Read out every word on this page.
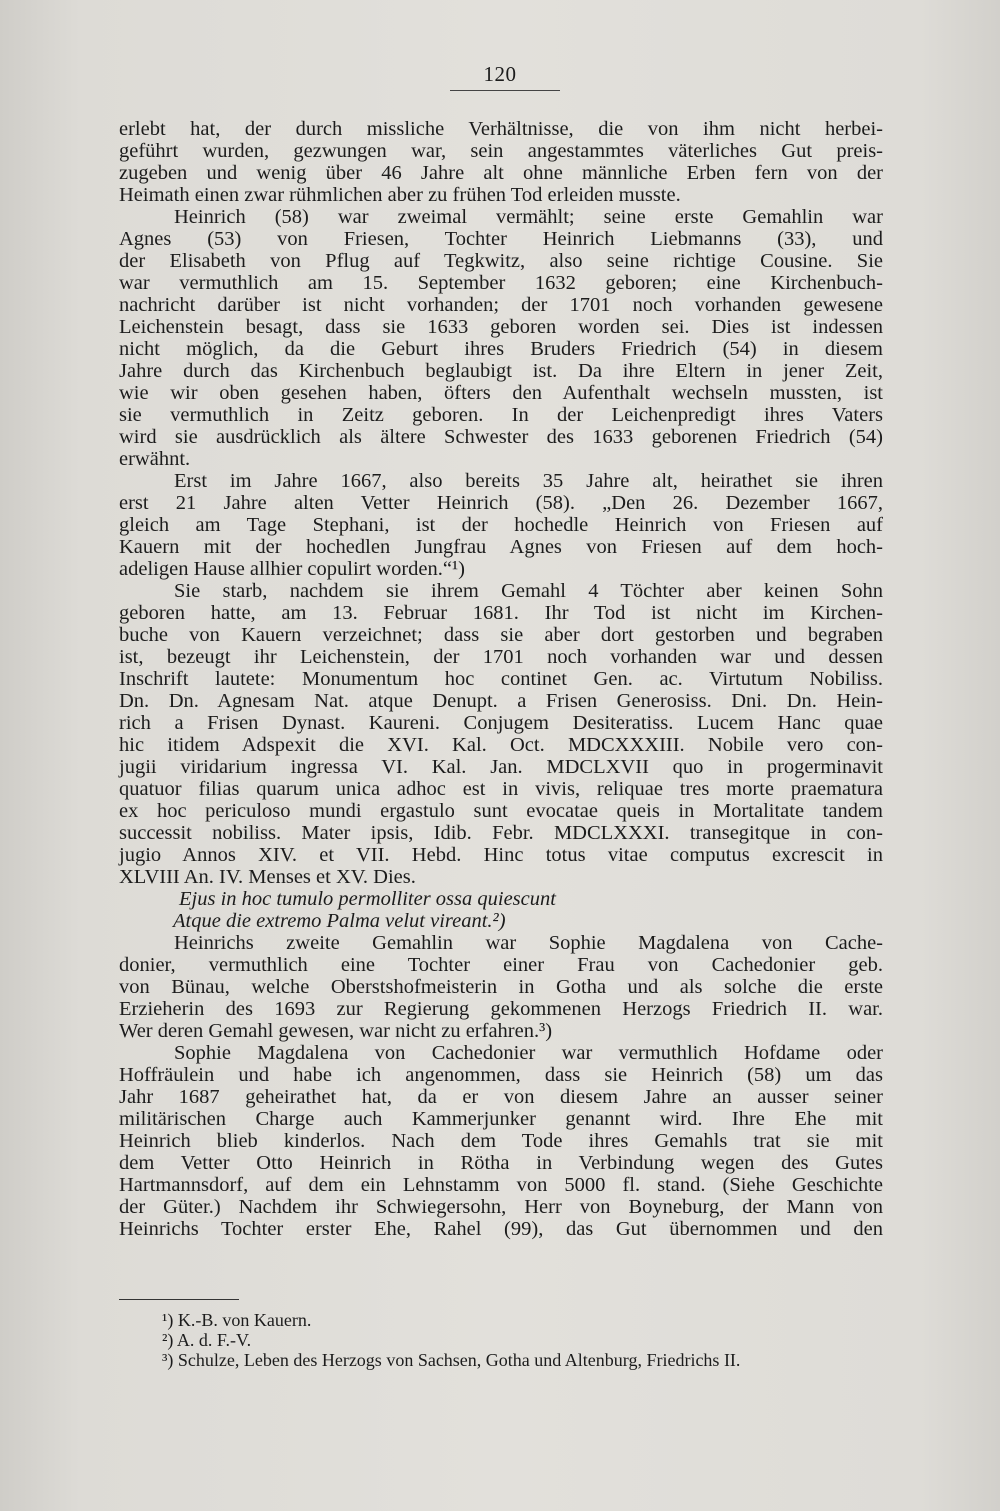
120
erlebt hat, der durch missliche Verhältnisse, die von ihm nicht herbei-
geführt wurden, gezwungen war, sein angestammtes väterliches Gut preis-
zugeben und wenig über 46 Jahre alt ohne männliche Erben fern von der
Heimath einen zwar rühmlichen aber zu frühen Tod erleiden musste.
Heinrich (58) war zweimal vermählt; seine erste Gemahlin war
Agnes (53) von Friesen, Tochter Heinrich Liebmanns (33), und
der Elisabeth von Pflug auf Tegkwitz, also seine richtige Cousine. Sie
war vermuthlich am 15. September 1632 geboren; eine Kirchenbuch-
nachricht darüber ist nicht vorhanden; der 1701 noch vorhanden gewesene
Leichenstein besagt, dass sie 1633 geboren worden sei. Dies ist indessen
nicht möglich, da die Geburt ihres Bruders Friedrich (54) in diesem
Jahre durch das Kirchenbuch beglaubigt ist. Da ihre Eltern in jener Zeit,
wie wir oben gesehen haben, öfters den Aufenthalt wechseln mussten, ist
sie vermuthlich in Zeitz geboren. In der Leichenpredigt ihres Vaters
wird sie ausdrücklich als ältere Schwester des 1633 geborenen Friedrich (54)
erwähnt.
Erst im Jahre 1667, also bereits 35 Jahre alt, heirathet sie ihren
erst 21 Jahre alten Vetter Heinrich (58). „Den 26. Dezember 1667,
gleich am Tage Stephani, ist der hochedle Heinrich von Friesen auf
Kauern mit der hochedlen Jungfrau Agnes von Friesen auf dem hoch-
adeligen Hause allhier copulirt worden.“¹)
Sie starb, nachdem sie ihrem Gemahl 4 Töchter aber keinen Sohn
geboren hatte, am 13. Februar 1681. Ihr Tod ist nicht im Kirchen-
buche von Kauern verzeichnet; dass sie aber dort gestorben und begraben
ist, bezeugt ihr Leichenstein, der 1701 noch vorhanden war und dessen
Inschrift lautete: Monumentum hoc continet Gen. ac. Virtutum Nobiliss.
Dn. Dn. Agnesam Nat. atque Denupt. a Frisen Generosiss. Dni. Dn. Hein-
rich a Frisen Dynast. Kaureni. Conjugem Desiteratiss. Lucem Hanc quae
hic itidem Adspexit die XVI. Kal. Oct. MDCXXXIII. Nobile vero con-
jugii viridarium ingressa VI. Kal. Jan. MDCLXVII quo in progerminavit
quatuor filias quarum unica adhoc est in vivis, reliquae tres morte praematura
ex hoc periculoso mundi ergastulo sunt evocatae queis in Mortalitate tandem
successit nobiliss. Mater ipsis, Idib. Febr. MDCLXXXI. transegitque in con-
jugio Annos XIV. et VII. Hebd. Hinc totus vitae computus excrescit in
XLVIII An. IV. Menses et XV. Dies.
Ejus in hoc tumulo permolliter ossa quiescunt
Atque die extremo Palma velut vireant.²)
Heinrichs zweite Gemahlin war Sophie Magdalena von Cache-
donier, vermuthlich eine Tochter einer Frau von Cachedonier geb.
von Bünau, welche Oberstshofmeisterin in Gotha und als solche die erste
Erzieherin des 1693 zur Regierung gekommenen Herzogs Friedrich II. war.
Wer deren Gemahl gewesen, war nicht zu erfahren.³)
Sophie Magdalena von Cachedonier war vermuthlich Hofdame oder
Hoffräulein und habe ich angenommen, dass sie Heinrich (58) um das
Jahr 1687 geheirathet hat, da er von diesem Jahre an ausser seiner
militärischen Charge auch Kammerjunker genannt wird. Ihre Ehe mit
Heinrich blieb kinderlos. Nach dem Tode ihres Gemahls trat sie mit
dem Vetter Otto Heinrich in Rötha in Verbindung wegen des Gutes
Hartmannsdorf, auf dem ein Lehnstamm von 5000 fl. stand. (Siehe Geschichte
der Güter.) Nachdem ihr Schwiegersohn, Herr von Boyneburg, der Mann von
Heinrichs Tochter erster Ehe, Rahel (99), das Gut übernommen und den
¹) K.-B. von Kauern.
²) A. d. F.-V.
³) Schulze, Leben des Herzogs von Sachsen, Gotha und Altenburg, Friedrichs II.
